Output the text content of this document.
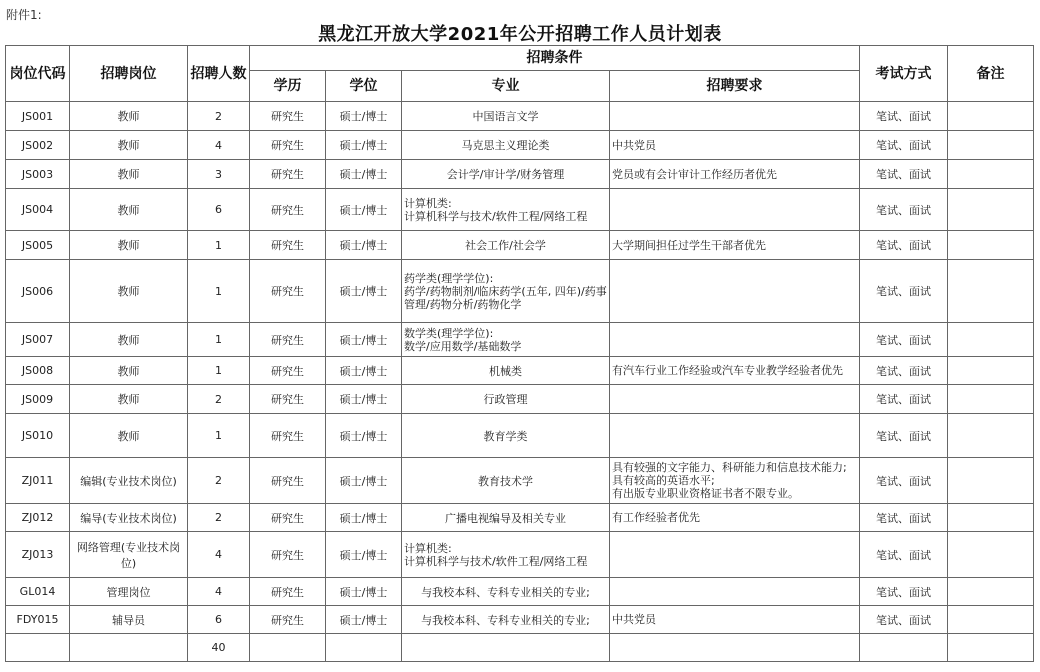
附件1:
黑龙江开放大学2021年公开招聘工作人员计划表
岗位代码	招聘岗位	招聘人数	招聘条件				考试方式	备注
			学历	学位	专业	招聘要求		
JS001	教师	2	研究生	硕士/博士	中国语言文学		笔试、面试	
JS002	教师	4	研究生	硕士/博士	马克思主义理论类	中共党员	笔试、面试	
JS003	教师	3	研究生	硕士/博士	会计学/审计学/财务管理	党员或有会计审计工作经历者优先	笔试、面试	
JS004	教师	6	研究生	硕士/博士	计算机类:
计算机科学与技术/软件工程/网络工程		笔试、面试	
JS005	教师	1	研究生	硕士/博士	社会工作/社会学	大学期间担任过学生干部者优先	笔试、面试	
JS006	教师	1	研究生	硕士/博士	药学类(理学学位):
药学/药物制剂/临床药学(五年, 四年)/药事管理/药物分析/药物化学		笔试、面试	
JS007	教师	1	研究生	硕士/博士	数学类(理学学位):
数学/应用数学/基础数学		笔试、面试	
JS008	教师	1	研究生	硕士/博士	机械类	有汽车行业工作经验或汽车专业教学经验者优先	笔试、面试	
JS009	教师	2	研究生	硕士/博士	行政管理		笔试、面试	
JS010	教师	1	研究生	硕士/博士	教育学类		笔试、面试	
ZJ011	编辑(专业技术岗位)	2	研究生	硕士/博士	教育技术学	具有较强的文字能力、科研能力和信息技术能力; 具有较高的英语水平;
有出版专业职业资格证书者不限专业。	笔试、面试	
ZJ012	编导(专业技术岗位)	2	研究生	硕士/博士	广播电视编导及相关专业	有工作经验者优先	笔试、面试	
ZJ013	网络管理(专业技术岗位)	4	研究生	硕士/博士	计算机类:
计算机科学与技术/软件工程/网络工程		笔试、面试	
GL014	管理岗位	4	研究生	硕士/博士	与我校本科、专科专业相关的专业;		笔试、面试	
FDY015	辅导员	6	研究生	硕士/博士	与我校本科、专科专业相关的专业;	中共党员	笔试、面试	
		40						
